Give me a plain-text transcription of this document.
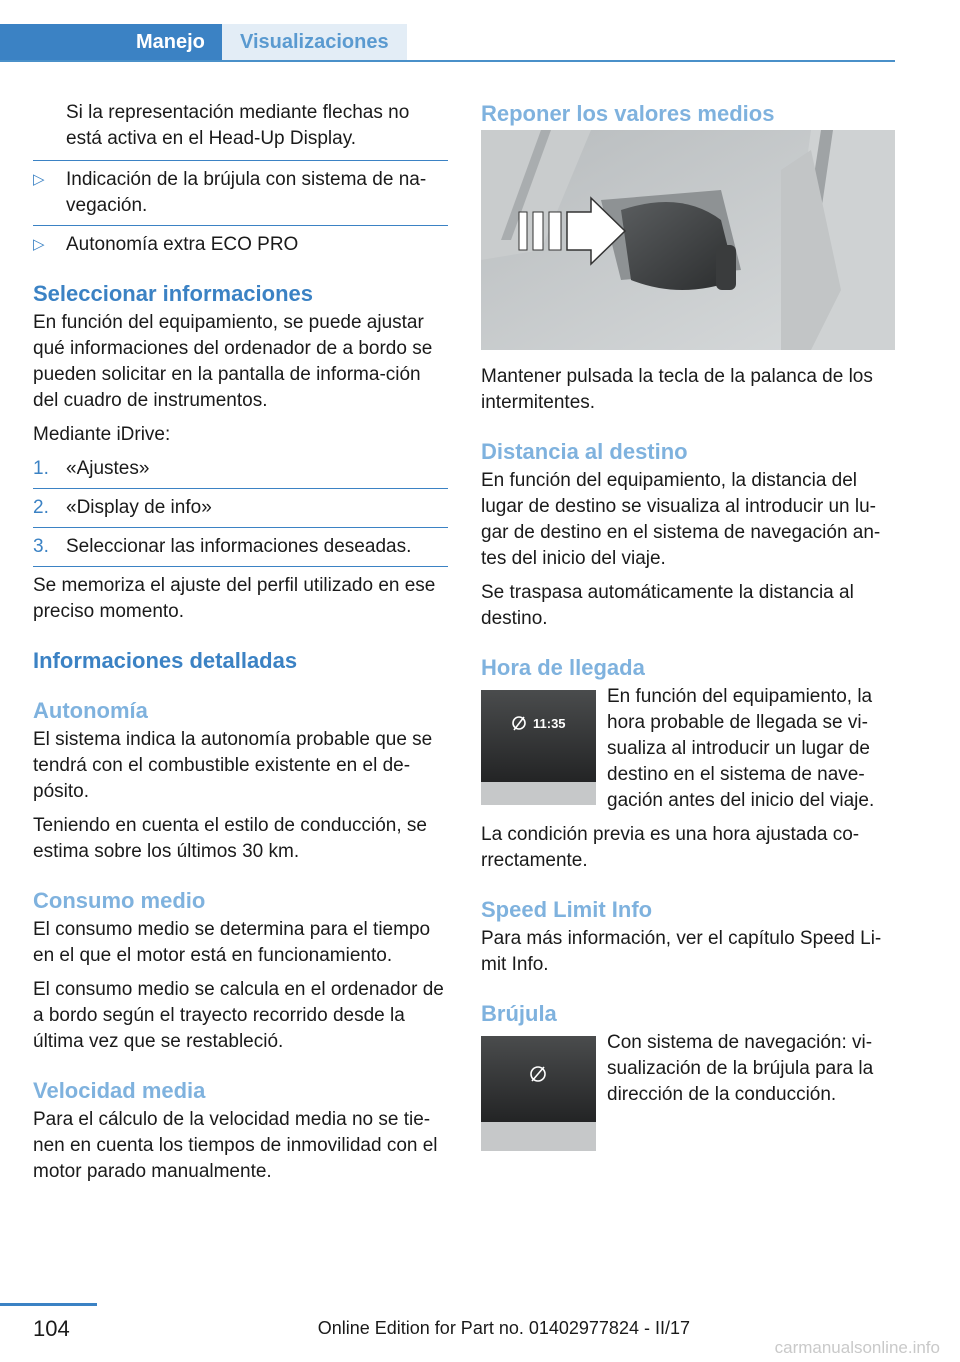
Manejo	Visualizaciones

Si la representación mediante flechas no está activa en el Head-Up Display.

▷ Indicación de la brújula con sistema de na-vegación.
▷ Autonomía extra ECO PRO
Seleccionar informaciones

En función del equipamiento, se puede ajustar qué informaciones del ordenador de a bordo se pueden solicitar en la pantalla de informa-ción del cuadro de instrumentos.

Mediante iDrive:

1. «Ajustes»
2. «Display de info»
3. Seleccionar las informaciones deseadas.

Se memoriza el ajuste del perfil utilizado en ese preciso momento.

Informaciones detalladas
Autonomía

El sistema indica la autonomía probable que se tendrá con el combustible existente en el de-pósito.

Teniendo en cuenta el estilo de conducción, se estima sobre los últimos 30 km.

Consumo medio

El consumo medio se determina para el tiempo en el que el motor está en funcionamiento.

El consumo medio se calcula en el ordenador de a bordo según el trayecto recorrido desde la última vez que se restableció.

Velocidad media

Para el cálculo de la velocidad media no se tie-nen en cuenta los tiempos de inmovilidad con el motor parado manualmente.

Reponer los valores medios

Mantener pulsada la tecla de la palanca de los intermitentes.

Distancia al destino

En función del equipamiento, la distancia del lugar de destino se visualiza al introducir un lu-gar de destino en el sistema de navegación an-tes del inicio del viaje.

Se traspasa automáticamente la distancia al destino.

Hora de llegada
11:35
En función del equipamiento, la hora probable de llegada se vi-sualiza al introducir un lugar de destino en el sistema de nave-gación antes del inicio del viaje.

La condición previa es una hora ajustada co-rrectamente.

Speed Limit Info

Para más información, ver el capítulo Speed Li-mit Info.

Brújula
Con sistema de navegación: vi-sualización de la brújula para la dirección de la conducción.
104	Online Edition for Part no. 01402977824 - II/17
carmanualsonline.info
